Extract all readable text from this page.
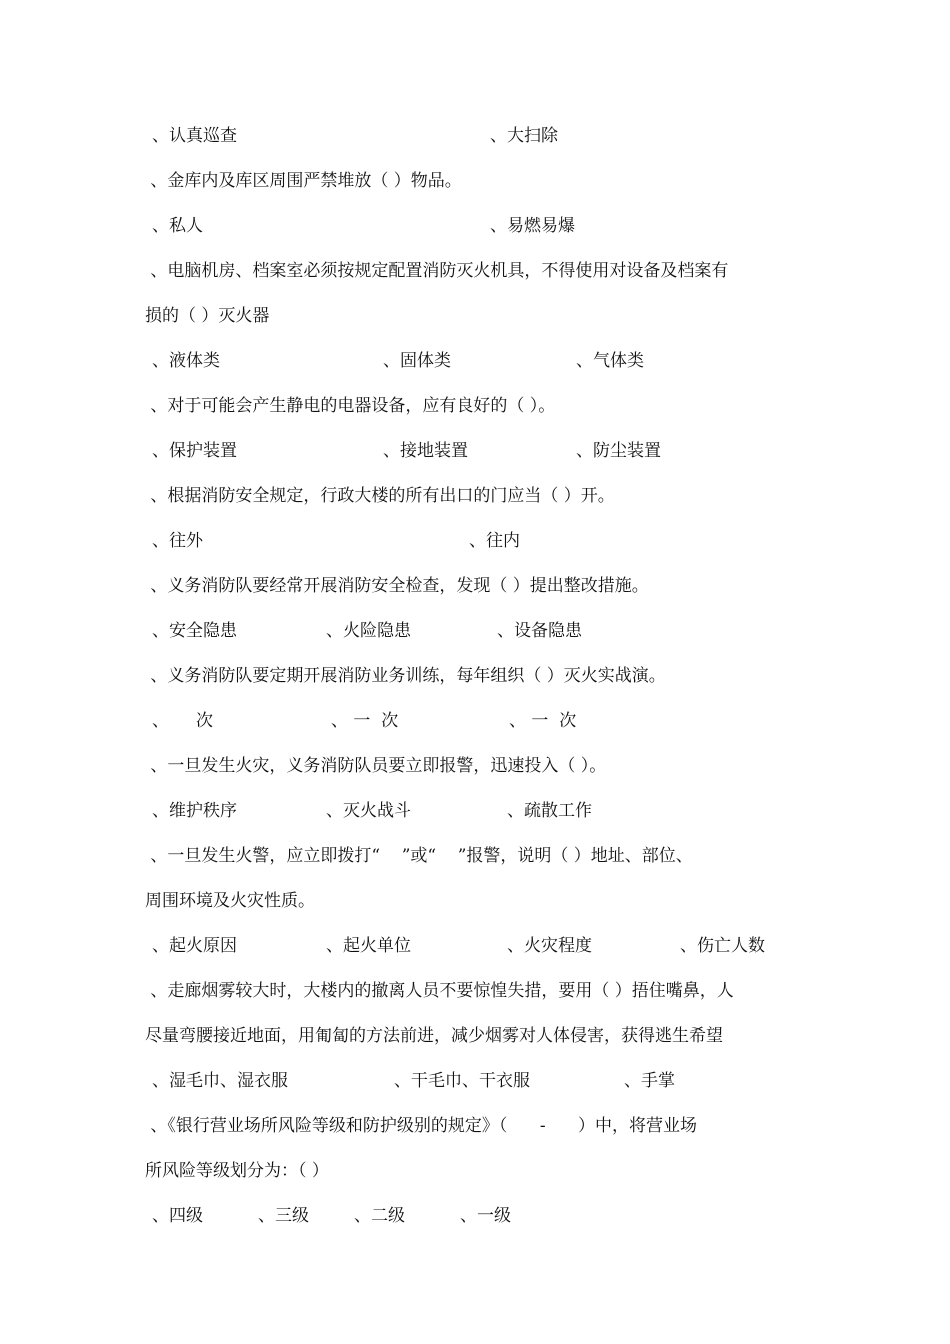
、认真巡查	、大扫除
、金库内及库区周围严禁堆放（ ）物品。
、私人	、易燃易爆
、电脑机房、档案室必须按规定配置消防灭火机具，不得使用对设备及档案有
损的（ ）灭火器
、液体类	、固体类	、气体类
、对于可能会产生静电的电器设备，应有良好的（ ）。
、保护装置	、接地装置	、防尘装置
、根据消防安全规定，行政大楼的所有出口的门应当（ ）开。
、往外	、往内
、义务消防队要经常开展消防安全检查，发现（ ）提出整改措施。
、安全隐患	、火险隐患	、设备隐患
、义务消防队要定期开展消防业务训练，每年组织（ ）灭火实战演。
、     次	、 一  次	、 一  次
、一旦发生火灾，义务消防队员要立即报警，迅速投入（ ）。
、维护秩序	、灭火战斗	、疏散工作
、一旦发生火警，应立即拨打“    ”或“    ”报警，说明（ ）地址、部位、
周围环境及火灾性质。
、起火原因	、起火单位	、火灾程度	、伤亡人数
、走廊烟雾较大时，大楼内的撤离人员不要惊惶失措，要用（ ）捂住嘴鼻，人
尽量弯腰接近地面，用匍匐的方法前进，减少烟雾对人体侵害，获得逃生希望
、湿毛巾、湿衣服	、干毛巾、干衣服	、手掌
、《银行营业场所风险等级和防护级别的规定》（      -      ）中，将营业场
所风险等级划分为：（ ）
、四级	、三级	、二级	、一级
